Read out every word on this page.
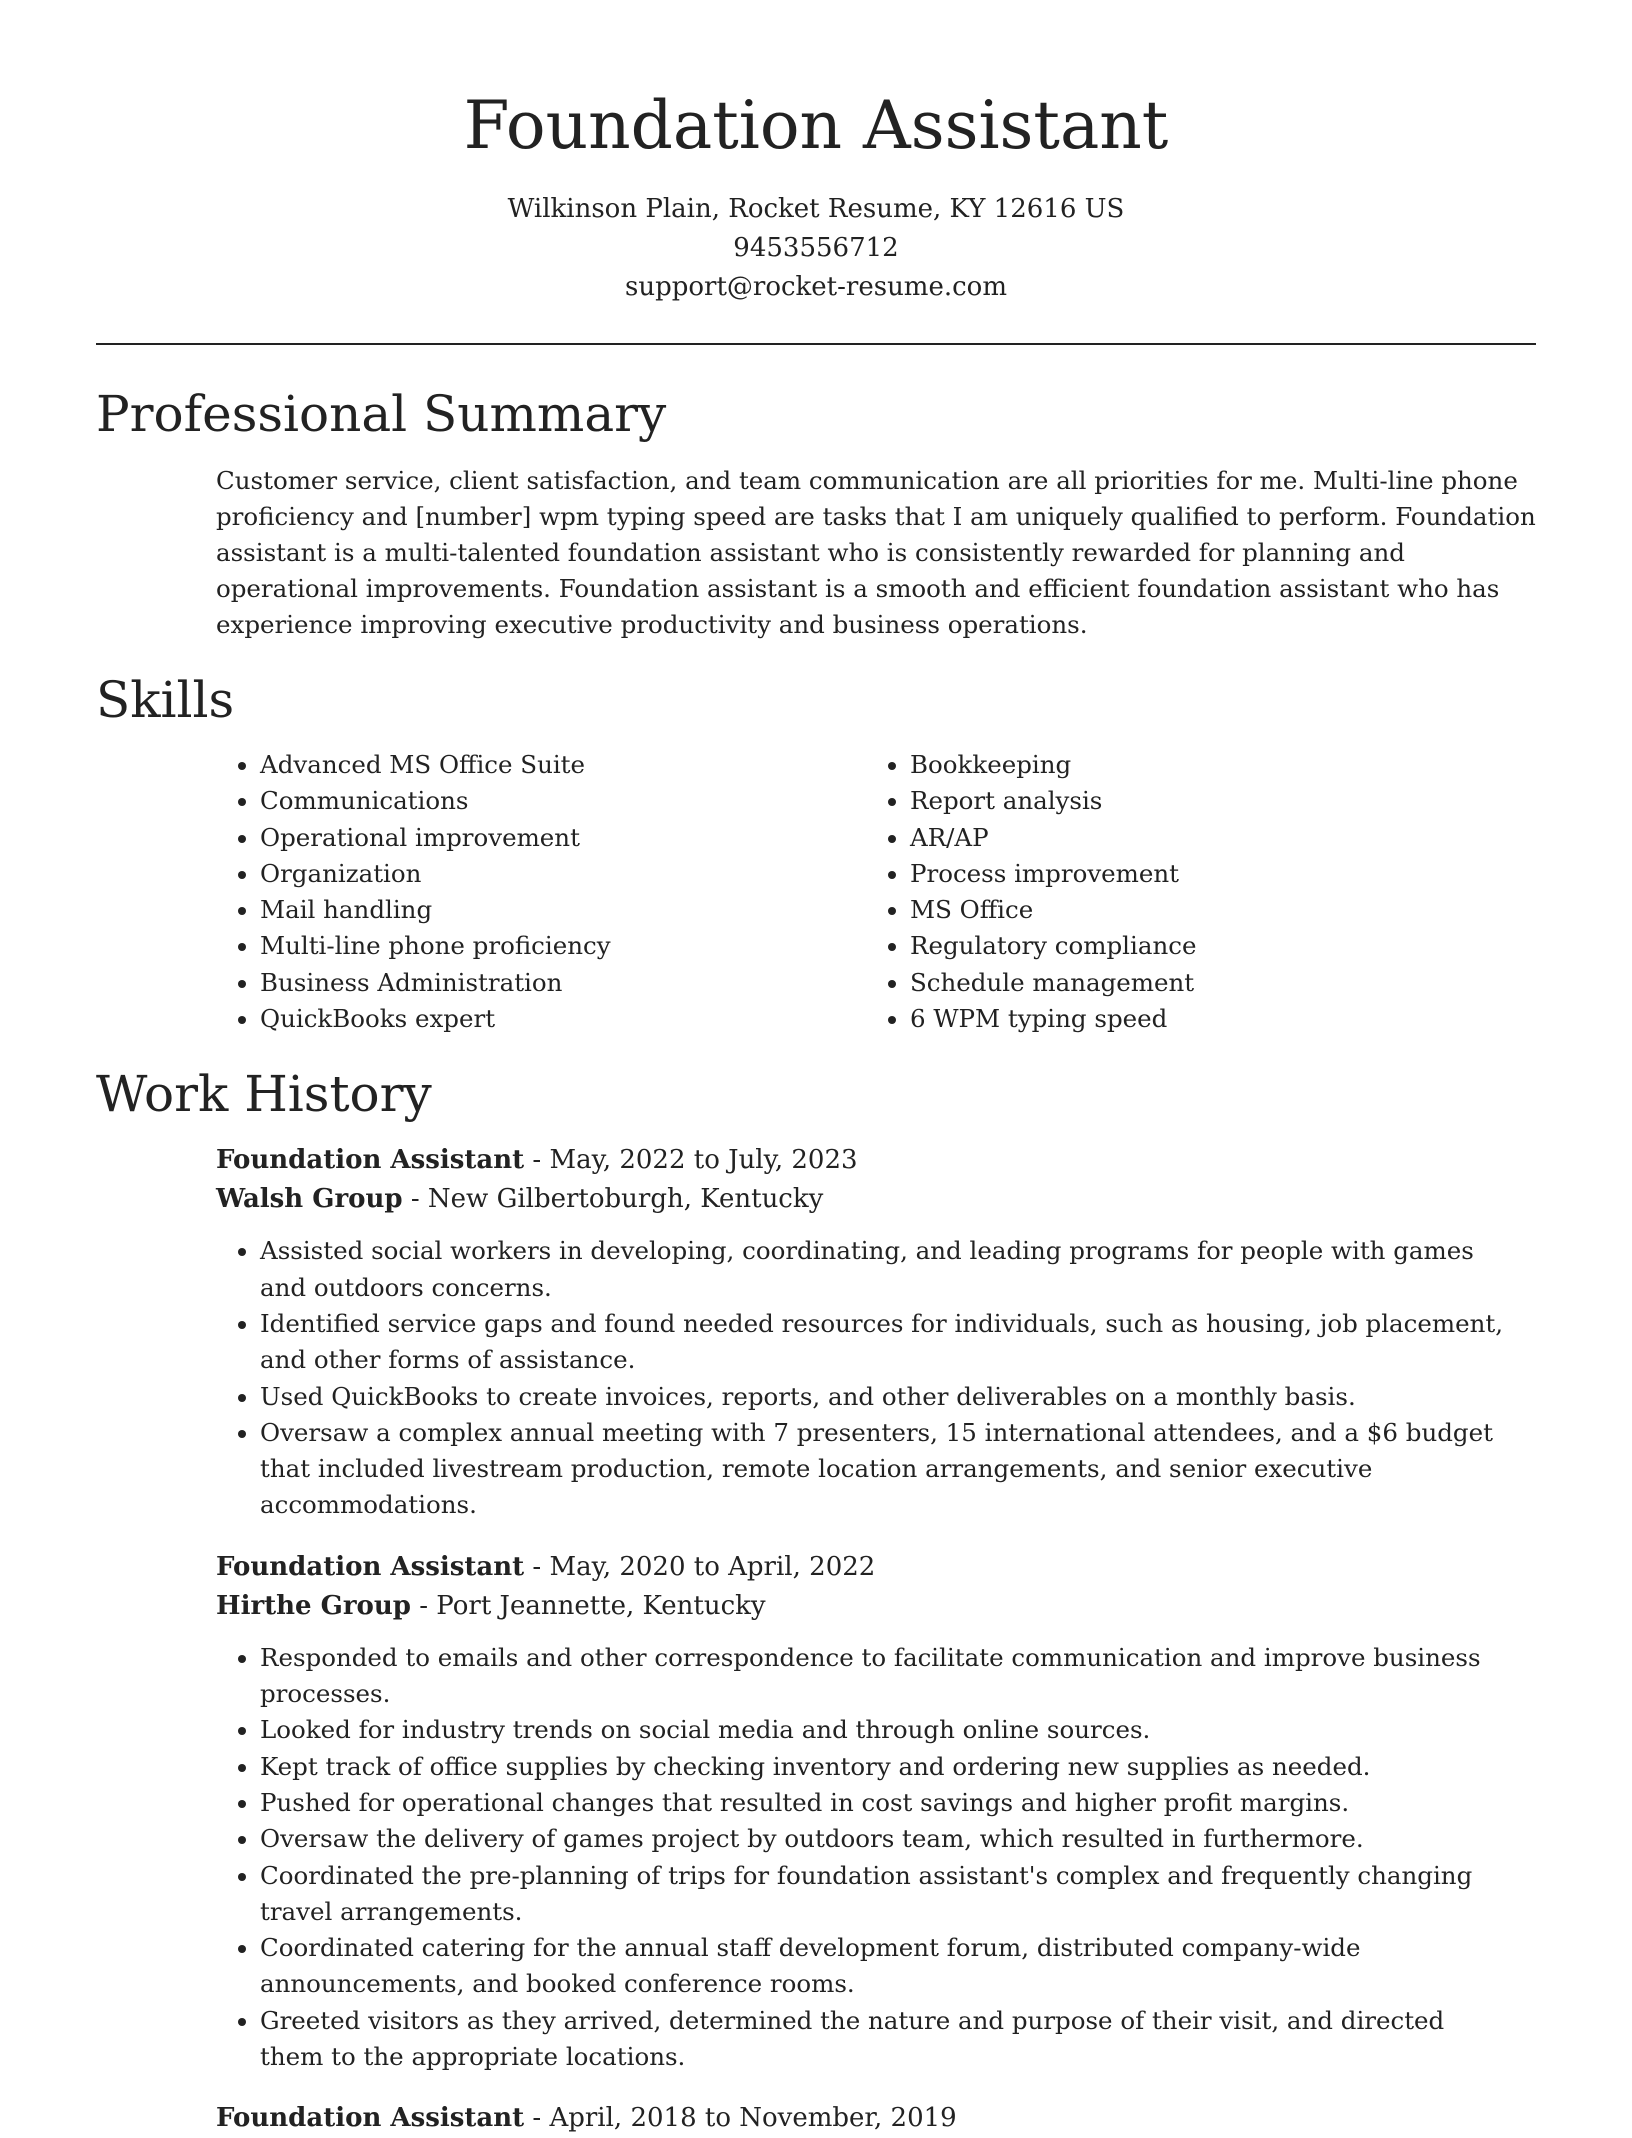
Foundation Assistant
Wilkinson Plain, Rocket Resume, KY 12616 US
9453556712
support@rocket-resume.com
Professional Summary

Customer service, client satisfaction, and team communication are all priorities for me. Multi-line phone proficiency and [number] wpm typing speed are tasks that I am uniquely qualified to perform. Foundation assistant is a multi-talented foundation assistant who is consistently rewarded for planning and operational improvements. Foundation assistant is a smooth and efficient foundation assistant who has experience improving executive productivity and business operations.

Skills
• Advanced MS Office Suite
• Communications
• Operational improvement
• Organization
• Mail handling
• Multi-line phone proficiency
• Business Administration
• QuickBooks expert
• Bookkeeping
• Report analysis
• AR/AP
• Process improvement
• MS Office
• Regulatory compliance
• Schedule management
• 6 WPM typing speed
Work History
Foundation Assistant - May, 2022 to July, 2023
Walsh Group - New Gilbertoburgh, Kentucky
• Assisted social workers in developing, coordinating, and leading programs for people with games and outdoors concerns.
• Identified service gaps and found needed resources for individuals, such as housing, job placement, and other forms of assistance.
• Used QuickBooks to create invoices, reports, and other deliverables on a monthly basis.
• Oversaw a complex annual meeting with 7 presenters, 15 international attendees, and a $6 budget that included livestream production, remote location arrangements, and senior executive accommodations.
Foundation Assistant - May, 2020 to April, 2022
Hirthe Group - Port Jeannette, Kentucky
• Responded to emails and other correspondence to facilitate communication and improve business processes.
• Looked for industry trends on social media and through online sources.
• Kept track of office supplies by checking inventory and ordering new supplies as needed.
• Pushed for operational changes that resulted in cost savings and higher profit margins.
• Oversaw the delivery of games project by outdoors team, which resulted in furthermore.
• Coordinated the pre-planning of trips for foundation assistant's complex and frequently changing travel arrangements.
• Coordinated catering for the annual staff development forum, distributed company-wide announcements, and booked conference rooms.
• Greeted visitors as they arrived, determined the nature and purpose of their visit, and directed them to the appropriate locations.
Foundation Assistant - April, 2018 to November, 2019
